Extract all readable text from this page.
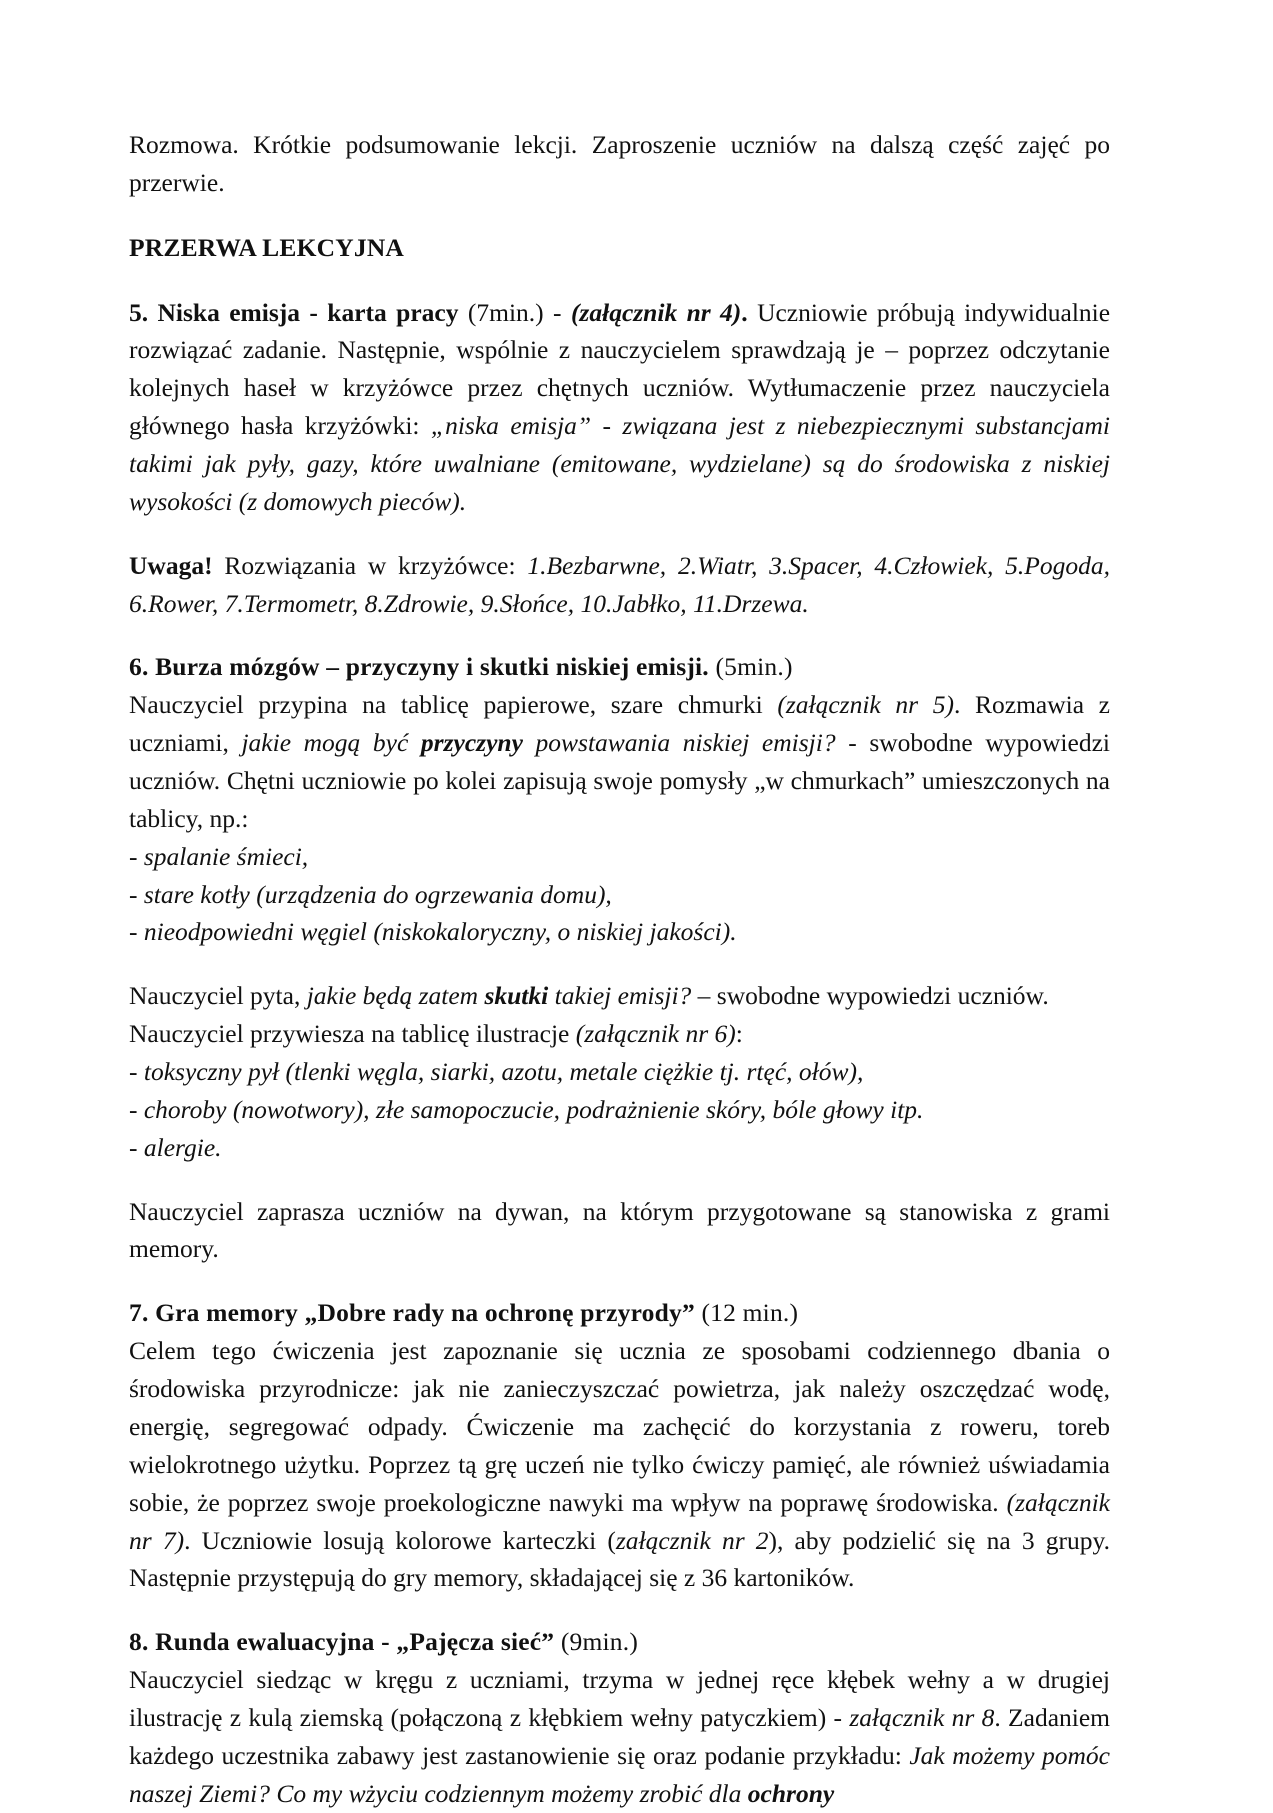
Rozmowa. Krótkie podsumowanie lekcji. Zaproszenie uczniów na dalszą część zajęć po przerwie.

PRZERWA LEKCYJNA

5. Niska emisja - karta pracy (7min.) - (załącznik nr 4). Uczniowie próbują indywidualnie rozwiązać zadanie. Następnie, wspólnie z nauczycielem sprawdzają je – poprzez odczytanie kolejnych haseł w krzyżówce przez chętnych uczniów. Wytłumaczenie przez nauczyciela głównego hasła krzyżówki: „niska emisja” - związana jest z niebezpiecznymi substancjami takimi jak pyły, gazy, które uwalniane (emitowane, wydzielane) są do środowiska z niskiej wysokości (z domowych pieców).

Uwaga! Rozwiązania w krzyżówce: 1.Bezbarwne, 2.Wiatr, 3.Spacer, 4.Człowiek, 5.Pogoda, 6.Rower, 7.Termometr, 8.Zdrowie, 9.Słońce, 10.Jabłko, 11.Drzewa.

6. Burza mózgów – przyczyny i skutki niskiej emisji. (5min.)

Nauczyciel przypina na tablicę papierowe, szare chmurki (załącznik nr 5). Rozmawia z uczniami, jakie mogą być przyczyny powstawania niskiej emisji? - swobodne wypowiedzi uczniów. Chętni uczniowie po kolei zapisują swoje pomysły „w chmurkach” umieszczonych na tablicy, np.:

- spalanie śmieci,

- stare kotły (urządzenia do ogrzewania domu),

- nieodpowiedni węgiel (niskokaloryczny, o niskiej jakości).

Nauczyciel pyta, jakie będą zatem skutki takiej emisji? – swobodne wypowiedzi uczniów.

Nauczyciel przywiesza na tablicę ilustracje (załącznik nr 6):

- toksyczny pył (tlenki węgla, siarki, azotu, metale ciężkie tj. rtęć, ołów),

- choroby (nowotwory), złe samopoczucie, podrażnienie skóry, bóle głowy itp.

- alergie.

Nauczyciel zaprasza uczniów na dywan, na którym przygotowane są stanowiska z grami memory.

7. Gra memory „Dobre rady na ochronę przyrody” (12 min.)

Celem tego ćwiczenia jest zapoznanie się ucznia ze sposobami codziennego dbania o środowiska przyrodnicze: jak nie zanieczyszczać powietrza, jak należy oszczędzać wodę, energię, segregować odpady. Ćwiczenie ma zachęcić do korzystania z roweru, toreb wielokrotnego użytku. Poprzez tą grę uczeń nie tylko ćwiczy pamięć, ale również uświadamia sobie, że poprzez swoje proekologiczne nawyki ma wpływ na poprawę środowiska. (załącznik nr 7). Uczniowie losują kolorowe karteczki (załącznik nr 2), aby podzielić się na 3 grupy. Następnie przystępują do gry memory, składającej się z 36 kartoników.

8. Runda ewaluacyjna - „Pajęcza sieć” (9min.)

Nauczyciel siedząc w kręgu z uczniami, trzyma w jednej ręce kłębek wełny a w drugiej ilustrację z kulą ziemską (połączoną z kłębkiem wełny patyczkiem) - załącznik nr 8. Zadaniem każdego uczestnika zabawy jest zastanowienie się oraz podanie przykładu: Jak możemy pomóc naszej Ziemi? Co my wżyciu codziennym możemy zrobić dla ochrony
